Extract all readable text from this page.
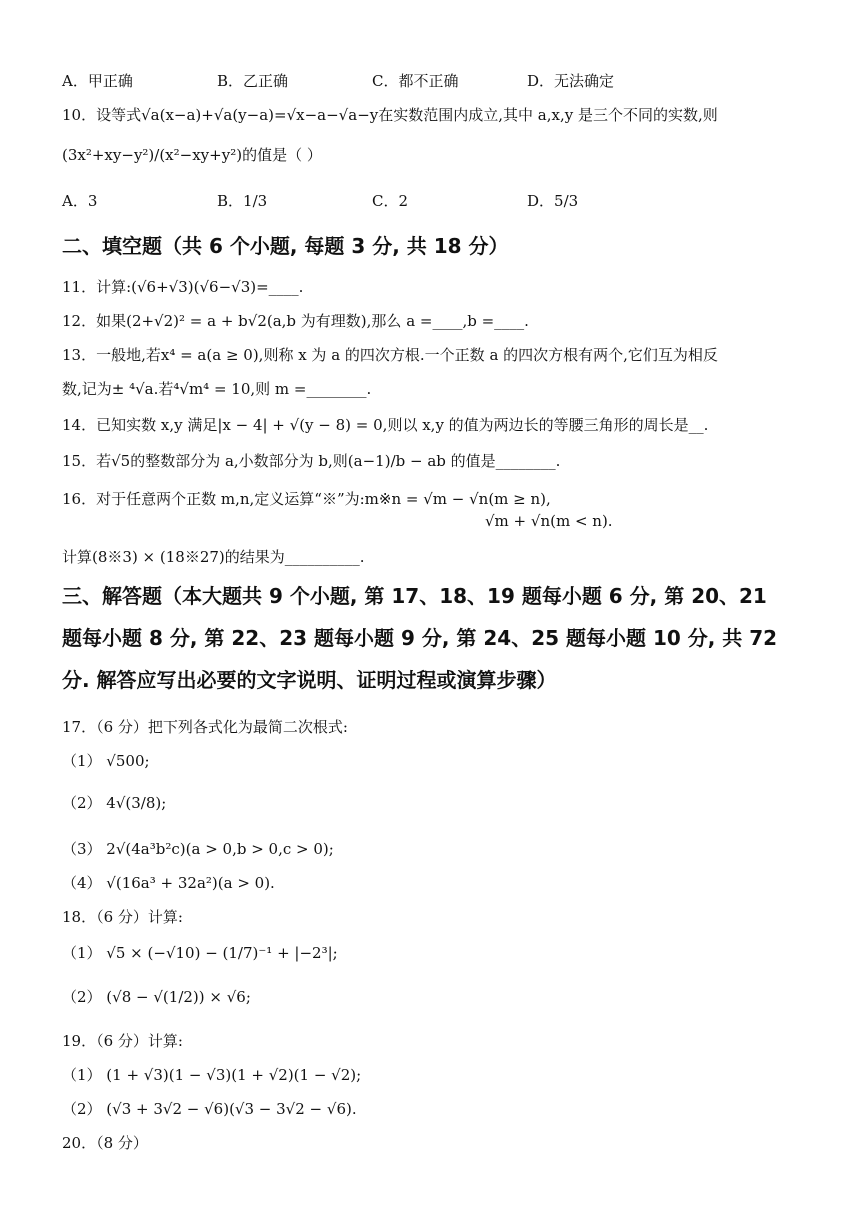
A．甲正确	B．乙正确	C．都不正确	D．无法确定
10．设等式√a(x−a)+√a(y−a)=√x−a−√a−y在实数范围内成立,其中 a,x,y 是三个不同的实数,则
(3x²+xy−y²)/(x²−xy+y²)的值是（ ）
A．3	B．1/3	C．2	D．5/3
二、填空题（共 6 个小题, 每题 3 分, 共 18 分）
11．计算:(√6+√3)(√6−√3)=____.
12．如果(2+√2)² = a + b√2(a,b 为有理数),那么 a =____,b =____.
13．一般地,若x⁴ = a(a ≥ 0),则称 x 为 a 的四次方根.一个正数 a 的四次方根有两个,它们互为相反
数,记为± ⁴√a.若⁴√m⁴ = 10,则 m =________.
14．已知实数 x,y 满足|x − 4| + √(y − 8) = 0,则以 x,y 的值为两边长的等腰三角形的周长是__.
15．若√5的整数部分为 a,小数部分为 b,则(a−1)/b − ab 的值是________.
16．对于任意两个正数 m,n,定义运算“※”为:m※n = √m − √n(m ≥ n),
√m + √n(m < n).
计算(8※3) × (18※27)的结果为__________.
三、解答题（本大题共 9 个小题, 第 17、18、19 题每小题 6 分, 第 20、21
题每小题 8 分, 第 22、23 题每小题 9 分, 第 24、25 题每小题 10 分, 共 72
分. 解答应写出必要的文字说明、证明过程或演算步骤）
17．（6 分）把下列各式化为最简二次根式:
（1） √500;
（2） 4√(3/8);
（3） 2√(4a³b²c)(a > 0,b > 0,c > 0);
（4） √(16a³ + 32a²)(a > 0).
18．（6 分）计算:
（1） √5 × (−√10) − (1/7)⁻¹ + |−2³|;
（2） (√8 − √(1/2)) × √6;
19．（6 分）计算:
（1） (1 + √3)(1 − √3)(1 + √2)(1 − √2);
（2） (√3 + 3√2 − √6)(√3 − 3√2 − √6).
20．（8 分）
